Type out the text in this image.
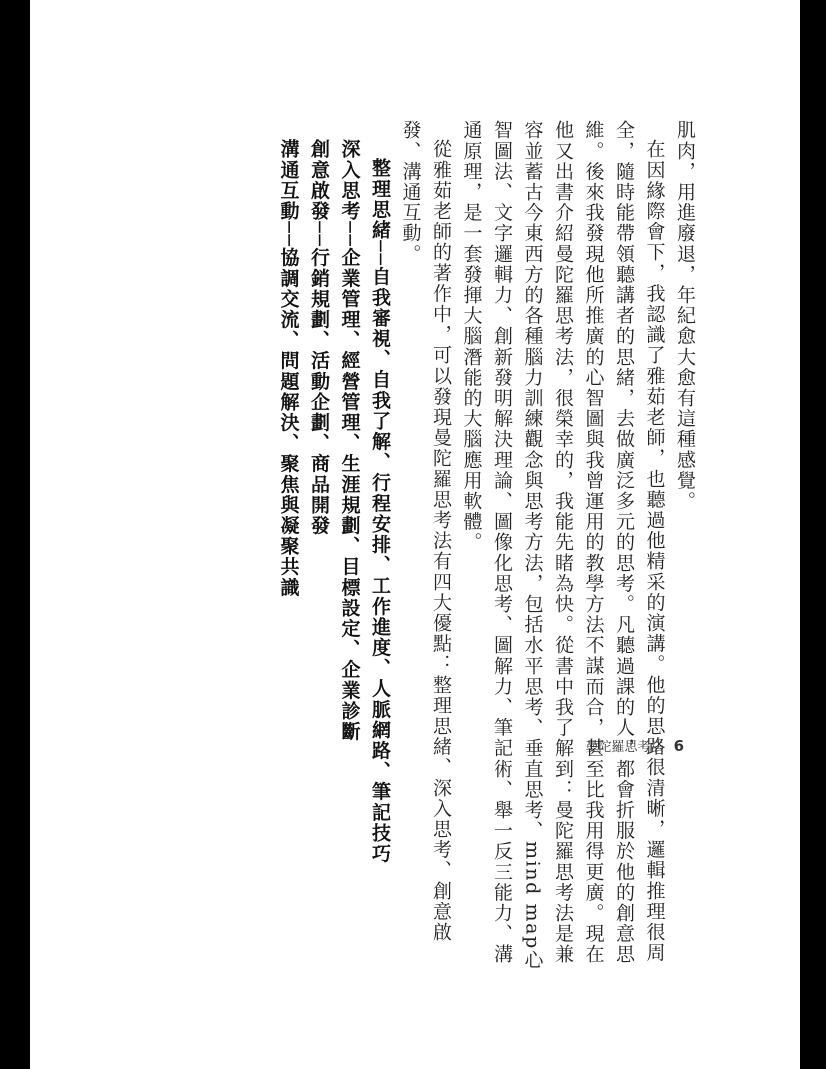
肌肉，用進廢退，年紀愈大愈有這種感覺。

在因緣際會下，我認識了雅茹老師，也聽過他精采的演講。他的思路很清晰，邏輯推理很周全，隨時能帶領聽講者的思緒，去做廣泛多元的思考。凡聽過課的人，都會折服於他的創意思維。後來我發現他所推廣的心智圖與我曾運用的教學方法不謀而合，甚至比我用得更廣。現在他又出書介紹曼陀羅思考法，很榮幸的，我能先睹為快。從書中我了解到：曼陀羅思考法是兼容並蓄古今東西方的各種腦力訓練觀念與思考方法，包括水平思考、垂直思考、mind map心智圖法、文字邏輯力、創新發明解決理論、圖像化思考、圖解力、筆記術、舉一反三能力、溝通原理，是一套發揮大腦潛能的大腦應用軟體。

從雅茹老師的著作中，可以發現曼陀羅思考法有四大優點：整理思緒、深入思考、創意啟發、溝通互動。

整理思緒──自我審視、自我了解、行程安排、工作進度、人脈網路、筆記技巧

深入思考──企業管理、經營管理、生涯規劃、目標設定、企業診斷

創意啟發──行銷規劃、活動企劃、商品開發

溝通互動──協調交流、問題解決、聚焦與凝聚共識

曼陀羅思考法 6
